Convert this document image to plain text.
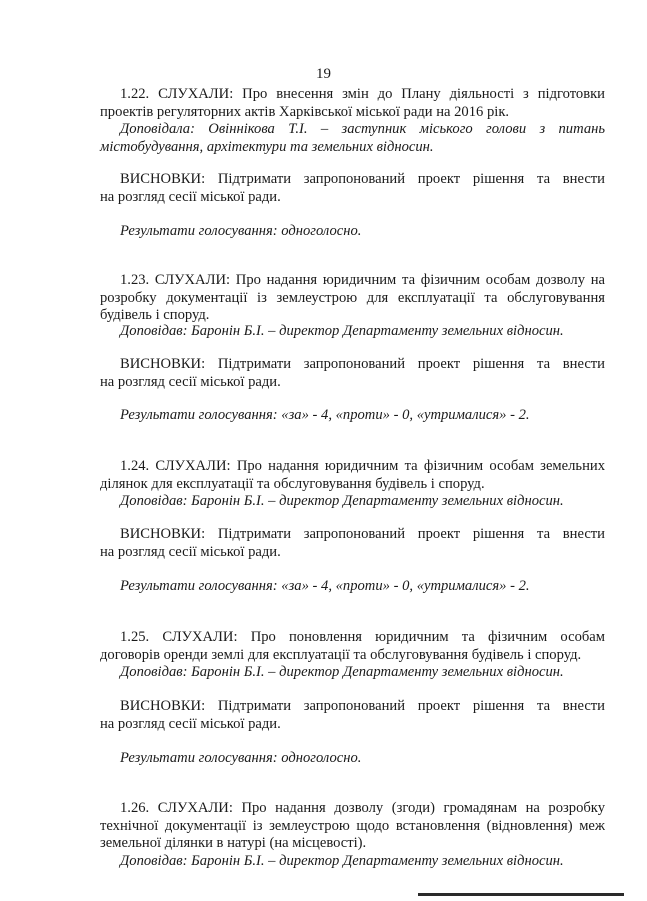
19

1.22. СЛУХАЛИ: Про внесення змін до Плану діяльності з підготовки

проектів регуляторних актів Харківської міської ради на 2016 рік.

Доповідала: Овіннікова Т.І. – заступник міського голови з питань

містобудування, архітектури та земельних відносин.

ВИСНОВКИ: Підтримати запропонований проект рішення та внести

на розгляд сесії міської ради.

Результати голосування: одноголосно.

1.23. СЛУХАЛИ: Про надання юридичним та фізичним особам дозволу на

розробку документації із землеустрою для експлуатації та обслуговування

будівель і споруд.

Доповідав: Баронін Б.І. – директор Департаменту земельних відносин.

ВИСНОВКИ: Підтримати запропонований проект рішення та внести

на розгляд сесії міської ради.

Результати голосування: «за» - 4, «проти» - 0, «утрималися» - 2.

1.24. СЛУХАЛИ: Про надання юридичним та фізичним особам земельних

ділянок для експлуатації та обслуговування будівель і споруд.

Доповідав: Баронін Б.І. – директор Департаменту земельних відносин.

ВИСНОВКИ: Підтримати запропонований проект рішення та внести

на розгляд сесії міської ради.

Результати голосування: «за» - 4, «проти» - 0, «утрималися» - 2.

1.25. СЛУХАЛИ: Про поновлення юридичним та фізичним особам

договорів оренди землі для експлуатації та обслуговування будівель і споруд.

Доповідав: Баронін Б.І. – директор Департаменту земельних відносин.

ВИСНОВКИ: Підтримати запропонований проект рішення та внести

на розгляд сесії міської ради.

Результати голосування: одноголосно.

1.26. СЛУХАЛИ: Про надання дозволу (згоди) громадянам на розробку

технічної документації із землеустрою щодо встановлення (відновлення) меж

земельної ділянки в натурі (на місцевості).

Доповідав: Баронін Б.І. – директор Департаменту земельних відносин.
